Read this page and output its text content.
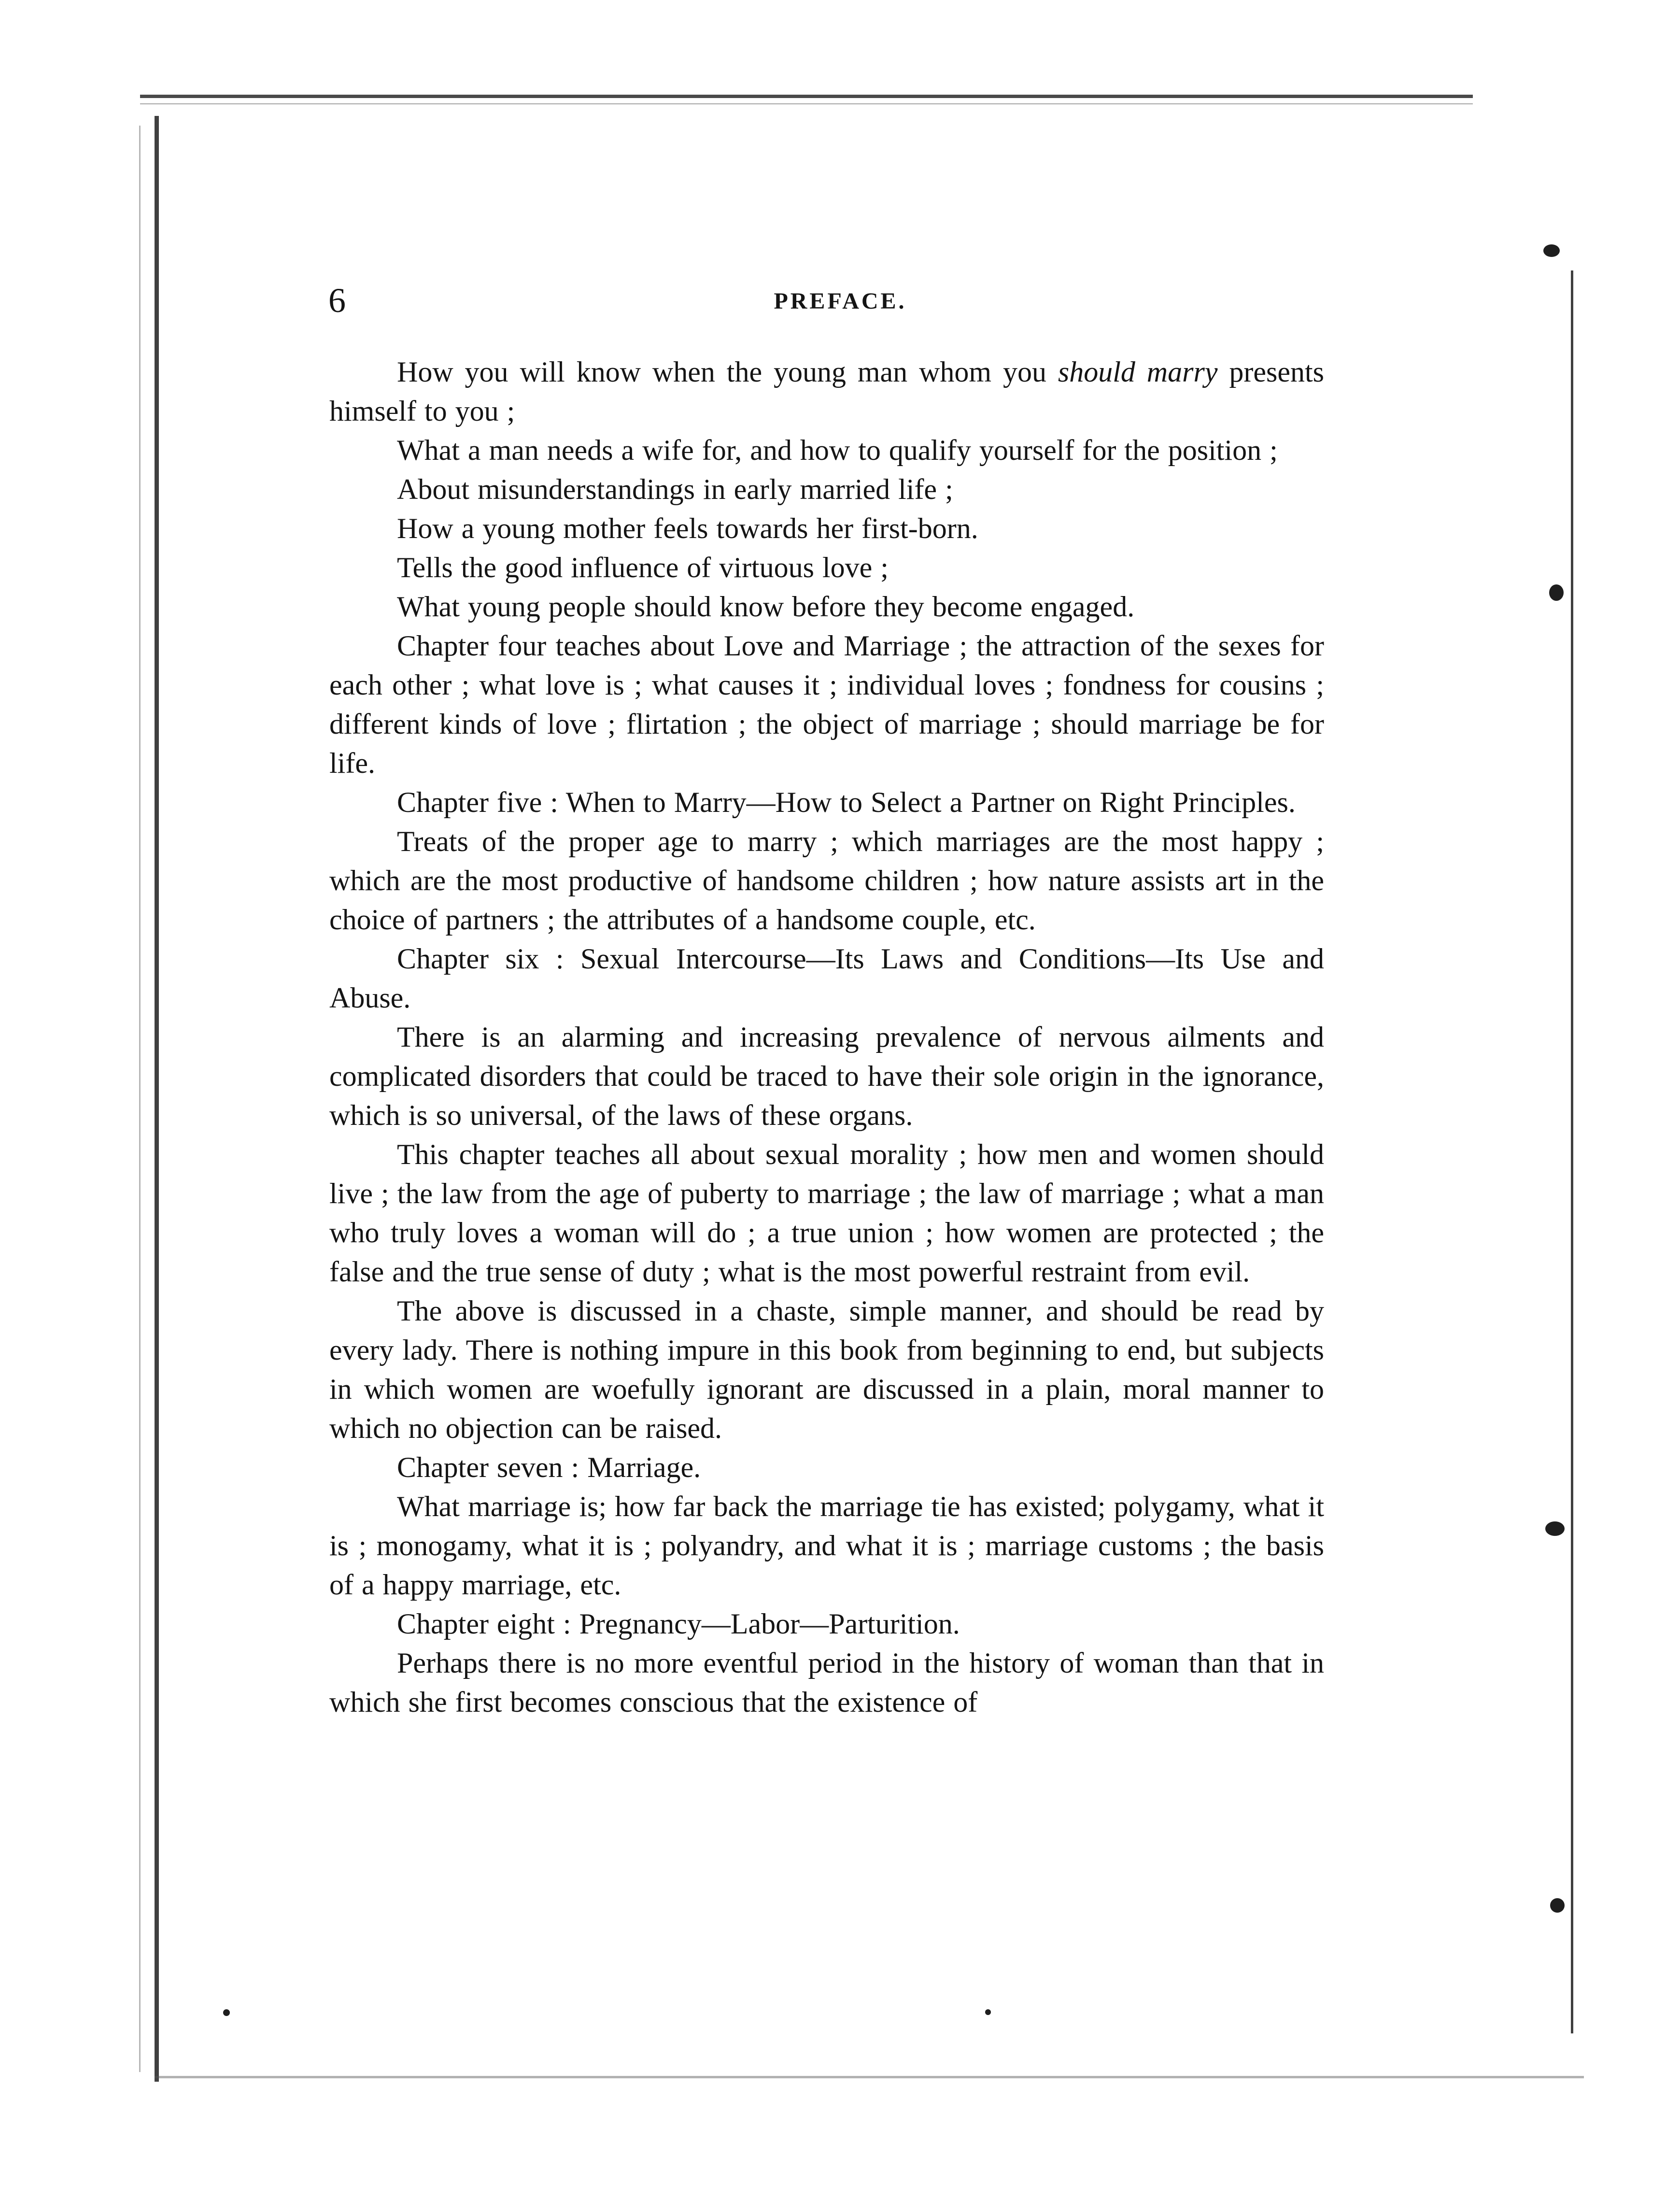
6	PREFACE.

How you will know when the young man whom you should marry presents himself to you ;

What a man needs a wife for, and how to qualify yourself for the position ;

About misunderstandings in early married life ;

How a young mother feels towards her first-born.

Tells the good influence of virtuous love ;

What young people should know before they become engaged.

Chapter four teaches about Love and Marriage ; the attraction of the sexes for each other ; what love is ; what causes it ; individual loves ; fondness for cousins ; different kinds of love ; flirtation ; the object of marriage ; should marriage be for life.

Chapter five : When to Marry—How to Select a Partner on Right Principles.

Treats of the proper age to marry ; which marriages are the most happy ; which are the most productive of handsome children ; how nature assists art in the choice of partners ; the attributes of a handsome couple, etc.

Chapter six : Sexual Intercourse—Its Laws and Conditions—Its Use and Abuse.

There is an alarming and increasing prevalence of nervous ailments and complicated disorders that could be traced to have their sole origin in the ignorance, which is so universal, of the laws of these organs.

This chapter teaches all about sexual morality ; how men and women should live ; the law from the age of puberty to marriage ; the law of marriage ; what a man who truly loves a woman will do ; a true union ; how women are protected ; the false and the true sense of duty ; what is the most powerful restraint from evil.

The above is discussed in a chaste, simple manner, and should be read by every lady. There is nothing impure in this book from beginning to end, but subjects in which women are woefully ignorant are discussed in a plain, moral manner to which no objection can be raised.

Chapter seven : Marriage.

What marriage is; how far back the marriage tie has existed; polygamy, what it is ; monogamy, what it is ; polyandry, and what it is ; marriage customs ; the basis of a happy marriage, etc.

Chapter eight : Pregnancy—Labor—Parturition.

Perhaps there is no more eventful period in the history of woman than that in which she first becomes conscious that the existence of
